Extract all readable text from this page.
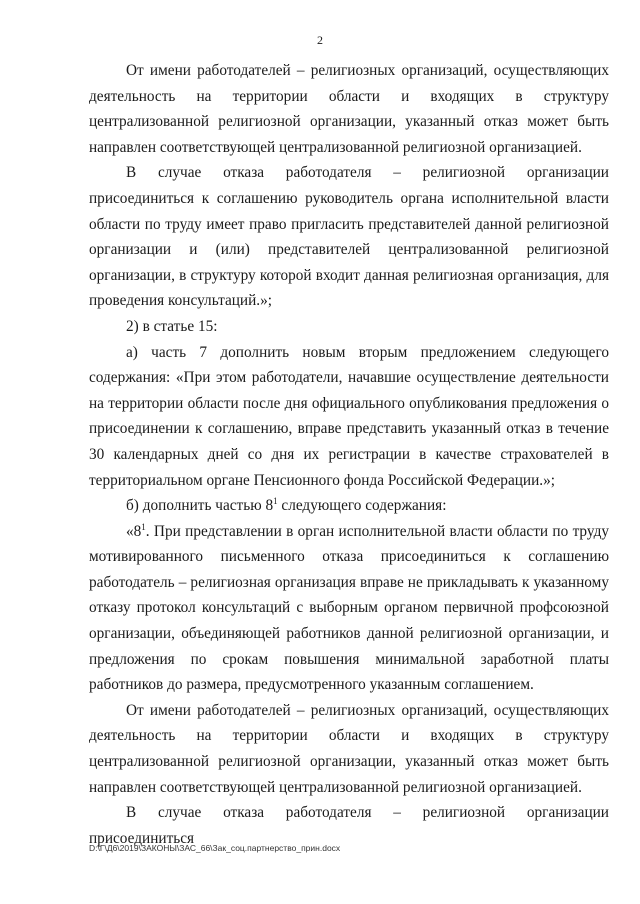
2

От имени работодателей – религиозных организаций, осуществляющих деятельность на территории области и входящих в структуру централизованной религиозной организации, указанный отказ может быть направлен соответствующей централизованной религиозной организацией.

В случае отказа работодателя – религиозной организации присоединиться к соглашению руководитель органа исполнительной власти области по труду имеет право пригласить представителей данной религиозной организации и (или) представителей централизованной религиозной организации, в структуру которой входит данная религиозная организация, для проведения консультаций.»;

2) в статье 15:

а) часть 7 дополнить новым вторым предложением следующего содержания: «При этом работодатели, начавшие осуществление деятельности на территории области после дня официального опубликования предложения о присоединении к соглашению, вправе представить указанный отказ в течение 30 календарных дней со дня их регистрации в качестве страхователей в территориальном органе Пенсионного фонда Российской Федерации.»;

б) дополнить частью $8^1$ следующего содержания:

«$8^1$. При представлении в орган исполнительной власти области по труду мотивированного письменного отказа присоединиться к соглашению работодатель – религиозная организация вправе не прикладывать к указанному отказу протокол консультаций с выборным органом первичной профсоюзной организации, объединяющей работников данной религиозной организации, и предложения по срокам повышения минимальной заработной платы работников до размера, предусмотренного указанным соглашением.

От имени работодателей – религиозных организаций, осуществляющих деятельность на территории области и входящих в структуру централизованной религиозной организации, указанный отказ может быть направлен соответствующей централизованной религиозной организацией.

В случае отказа работодателя – религиозной организации присоединиться

D:\Г\Д6\2019\ЗАКОНЫ\ЗАС_66\Зак_соц.партнерство_прин.docx
